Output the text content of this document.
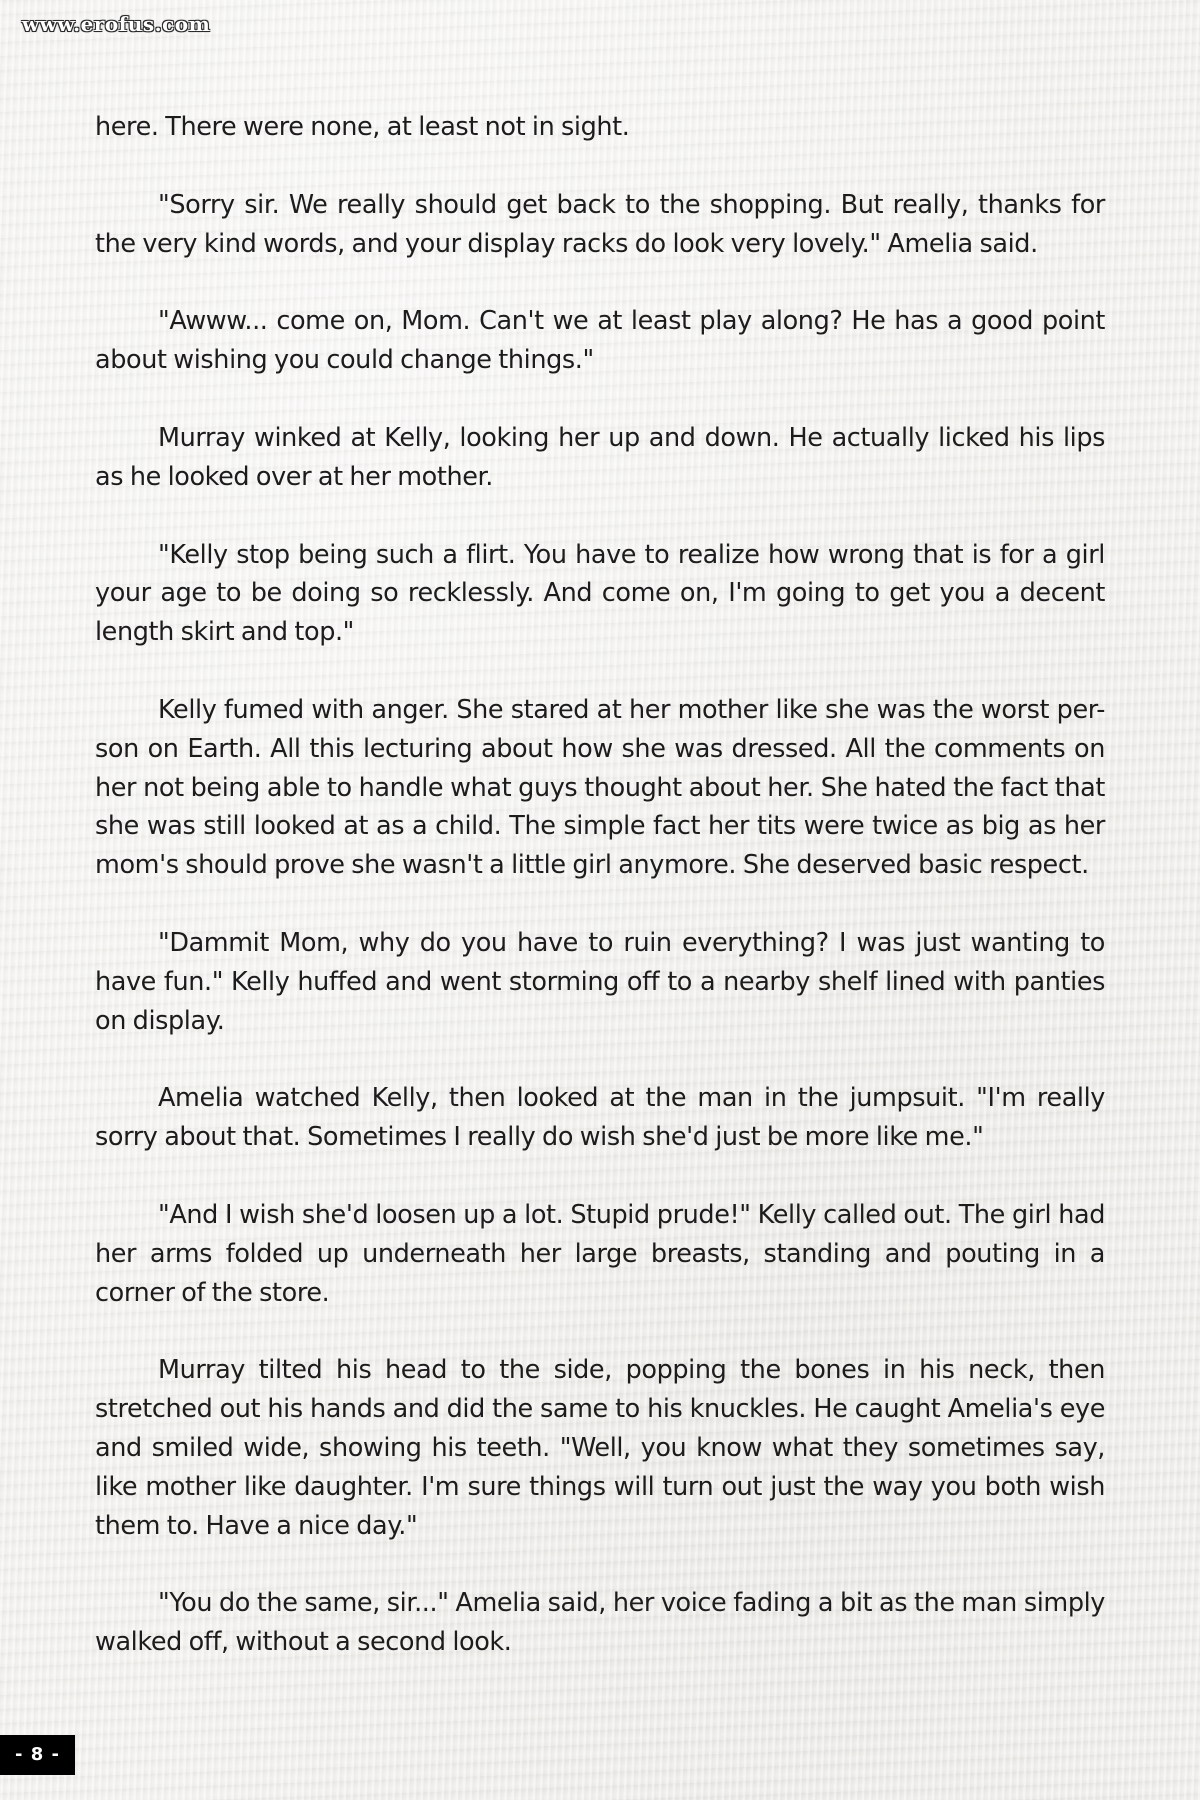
www.erofus.com

here. There were none, at least not in sight.

"Sorry sir. We really should get back to the shopping. But really, thanks for the very kind words, and your display racks do look very lovely." Amelia said.

"Awww... come on, Mom. Can't we at least play along? He has a good point about wishing you could change things."

Murray winked at Kelly, looking her up and down. He actually licked his lips as he looked over at her mother.

"Kelly stop being such a flirt. You have to realize how wrong that is for a girl your age to be doing so recklessly. And come on, I'm going to get you a decent length skirt and top."

Kelly fumed with anger. She stared at her mother like she was the worst per-son on Earth. All this lecturing about how she was dressed. All the comments on her not being able to handle what guys thought about her. She hated the fact that she was still looked at as a child. The simple fact her tits were twice as big as her mom's should prove she wasn't a little girl anymore. She deserved basic respect.

"Dammit Mom, why do you have to ruin everything? I was just wanting to have fun." Kelly huffed and went storming off to a nearby shelf lined with panties on display.

Amelia watched Kelly, then looked at the man in the jumpsuit. "I'm really sorry about that. Sometimes I really do wish she'd just be more like me."

"And I wish she'd loosen up a lot. Stupid prude!" Kelly called out. The girl had her arms folded up underneath her large breasts, standing and pouting in a corner of the store.

Murray tilted his head to the side, popping the bones in his neck, then stretched out his hands and did the same to his knuckles. He caught Amelia's eye and smiled wide, showing his teeth. "Well, you know what they sometimes say, like mother like daughter. I'm sure things will turn out just the way you both wish them to. Have a nice day."

"You do the same, sir..." Amelia said, her voice fading a bit as the man simply walked off, without a second look.

- 8 -
